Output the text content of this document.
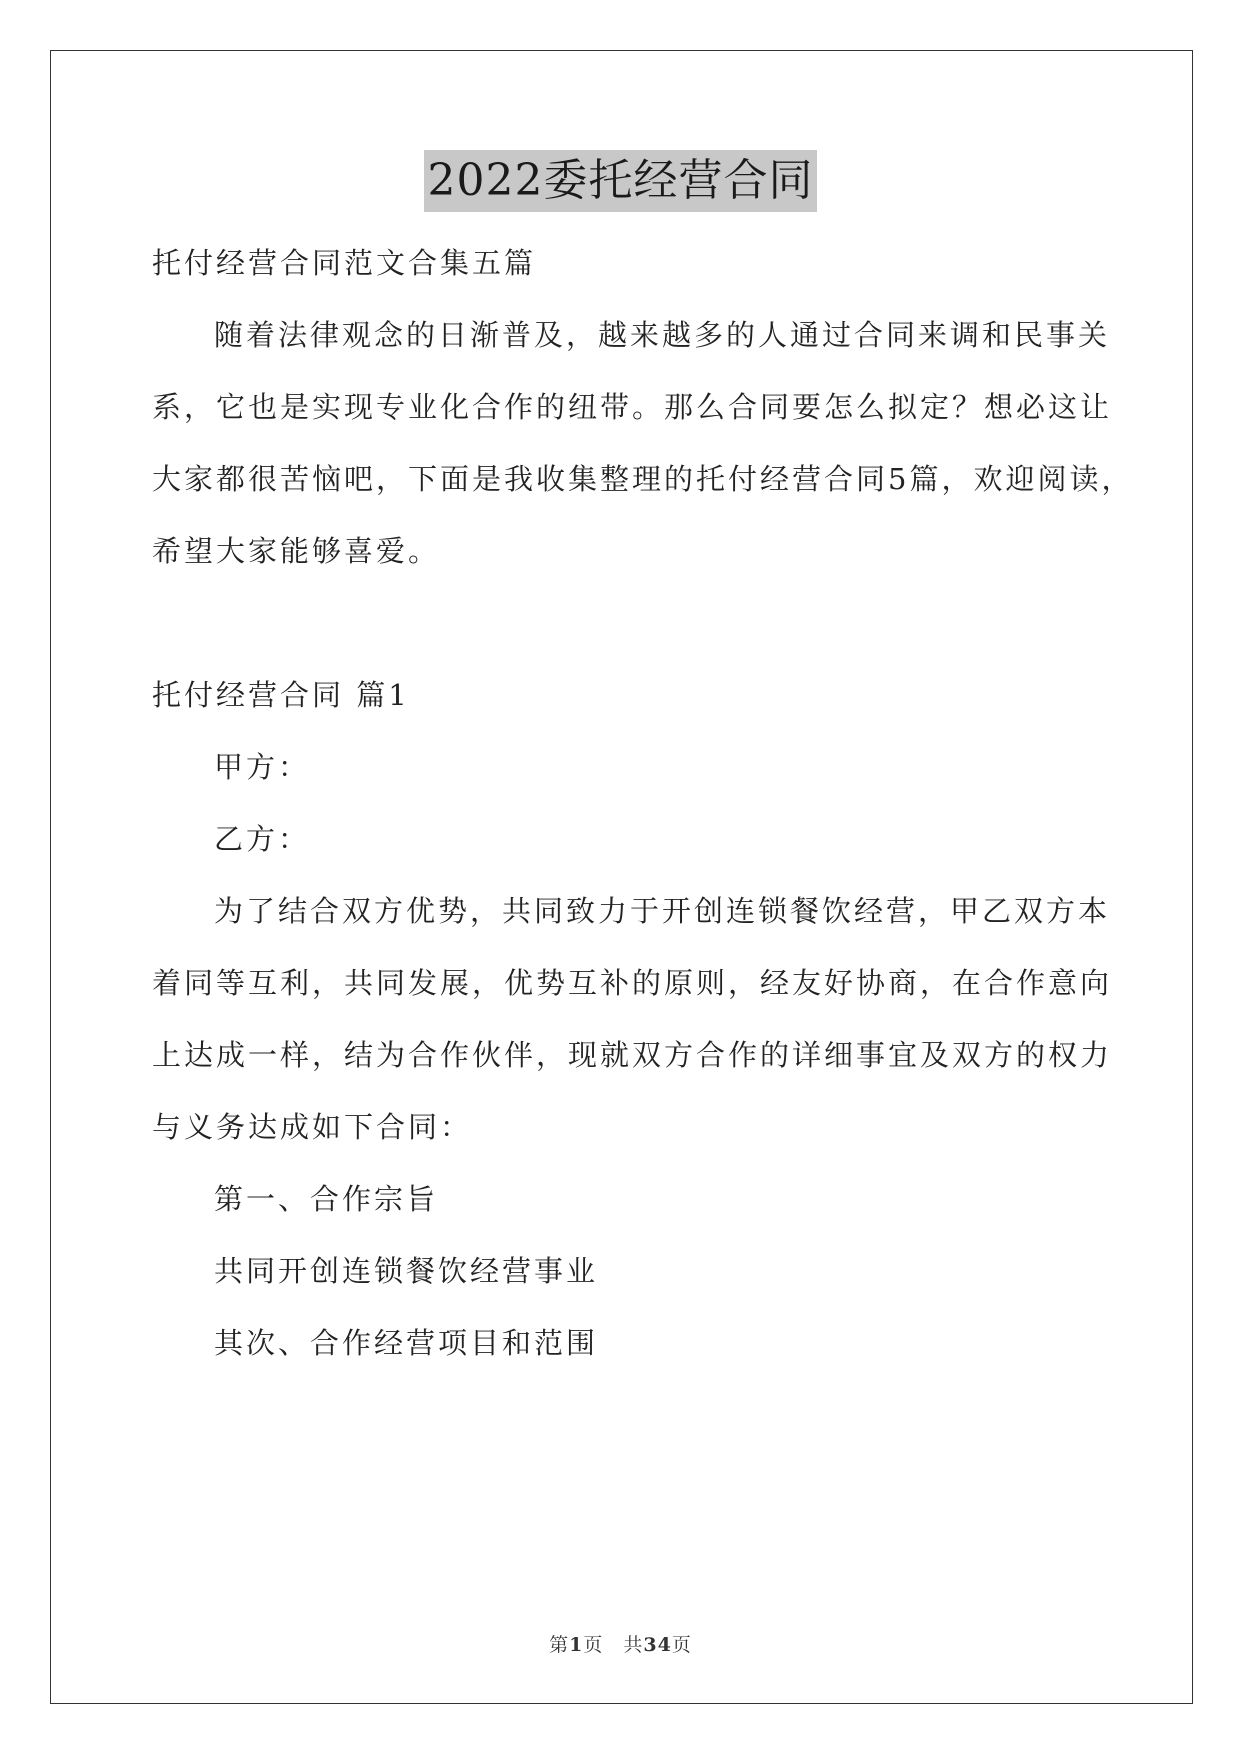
2022委托经营合同
托付经营合同范文合集五篇
随着法律观念的日渐普及，越来越多的人通过合同来调和民事关
系，它也是实现专业化合作的纽带。那么合同要怎么拟定？想必这让
大家都很苦恼吧，下面是我收集整理的托付经营合同5篇，欢迎阅读，
希望大家能够喜爱。
托付经营合同 篇1
甲方：
乙方：
为了结合双方优势，共同致力于开创连锁餐饮经营，甲乙双方本
着同等互利，共同发展，优势互补的原则，经友好协商，在合作意向
上达成一样，结为合作伙伴，现就双方合作的详细事宜及双方的权力
与义务达成如下合同：
第一、合作宗旨
共同开创连锁餐饮经营事业
其次、合作经营项目和范围
第1页 共34页
